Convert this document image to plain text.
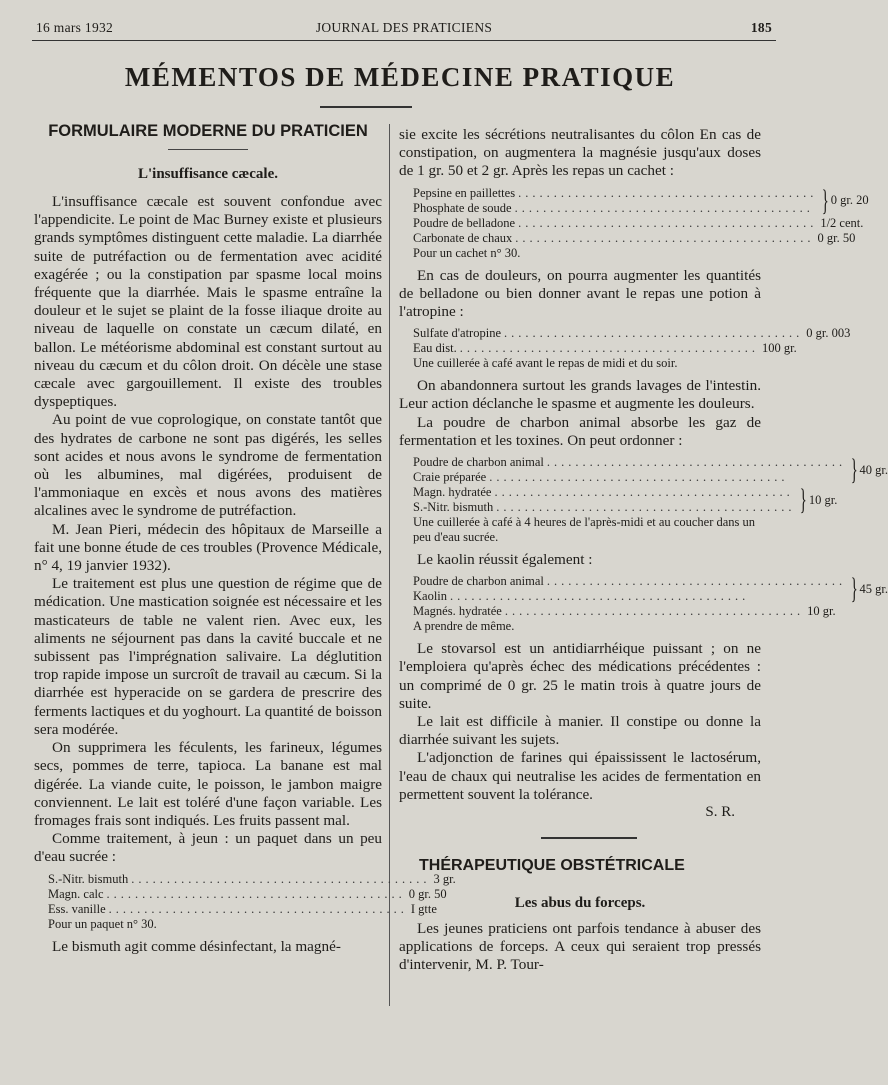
16 mars 1932	JOURNAL DES PRATICIENS	185
MÉMENTOS DE MÉDECINE PRATIQUE
FORMULAIRE MODERNE DU PRATICIEN
L'insuffisance cæcale.

L'insuffisance cæcale est souvent confondue avec l'appendicite. Le point de Mac Burney existe et plusieurs grands symptômes distinguent cette maladie. La diarrhée suite de putréfaction ou de fermentation avec acidité exagérée ; ou la constipation par spasme local moins fréquente que la diarrhée. Mais le spasme entraîne la douleur et le sujet se plaint de la fosse iliaque droite au niveau de laquelle on constate un cæcum dilaté, en ballon. Le météorisme abdominal est constant surtout au niveau du cæcum et du côlon droit. On décèle une stase cæcale avec gargouillement. Il existe des troubles dyspeptiques.

Au point de vue coprologique, on constate tantôt que des hydrates de carbone ne sont pas digérés, les selles sont acides et nous avons le syndrome de fermentation où les albumines, mal digérées, produisent de l'ammoniaque en excès et nous avons des matières alcalines avec le syndrome de putréfaction.

M. Jean Pieri, médecin des hôpitaux de Marseille a fait une bonne étude de ces troubles (Provence Médicale, n° 4, 19 janvier 1932).

Le traitement est plus une question de régime que de médication. Une mastication soignée est nécessaire et les masticateurs de table ne valent rien. Avec eux, les aliments ne séjournent pas dans la cavité buccale et ne subissent pas l'imprégnation salivaire. La déglutition trop rapide impose un surcroît de travail au cæcum. Si la diarrhée est hyperacide on se gardera de prescrire des ferments lactiques et du yoghourt. La quantité de boisson sera modérée.

On supprimera les féculents, les farineux, légumes secs, pommes de terre, tapioca. La banane est mal digérée. La viande cuite, le poisson, le jambon maigre conviennent. Le lait est toléré d'une façon variable. Les fromages frais sont indiqués. Les fruits passent mal.

Comme traitement, à jeun : un paquet dans un peu d'eau sucrée :

S.-Nitr. bismuth .......................................... 3 gr.
Magn. calc .......................................... 0 gr. 50
Ess. vanille .......................................... I gtte
Pour un paquet n° 30.

Le bismuth agit comme désinfectant, la magné-

sie excite les sécrétions neutralisantes du côlon En cas de constipation, on augmentera la magnésie jusqu'aux doses de 1 gr. 50 et 2 gr. Après les repas un cachet :

Pepsine en paillettes ..........................................
Phosphate de soude .......................................... } 0 gr. 20
Poudre de belladone .......................................... 1/2 cent.
Carbonate de chaux .......................................... 0 gr. 50
Pour un cachet n° 30.

En cas de douleurs, on pourra augmenter les quantités de belladone ou bien donner avant le repas une potion à l'atropine :

Sulfate d'atropine .......................................... 0 gr. 003
Eau dist. .......................................... 100 gr.
Une cuillerée à café avant le repas de midi et du soir.

On abandonnera surtout les grands lavages de l'intestin. Leur action déclanche le spasme et augmente les douleurs.

La poudre de charbon animal absorbe les gaz de fermentation et les toxines. On peut ordonner :

Poudre de charbon animal ..........................................
Craie préparée ..........................................	} 40 gr.
Magn. hydratée ..........................................
S.-Nitr. bismuth .......................................... } 10 gr.
Une cuillerée à café à 4 heures de l'après-midi et au coucher dans un peu d'eau sucrée.

Le kaolin réussit également :

Poudre de charbon animal ..........................................
Kaolin ..........................................	} 45 gr.
Magnés. hydratée .......................................... 10 gr.
A prendre de même.

Le stovarsol est un antidiarrhéique puissant ; on ne l'emploiera qu'après échec des médications précédentes : un comprimé de 0 gr. 25 le matin trois à quatre jours de suite.

Le lait est difficile à manier. Il constipe ou donne la diarrhée suivant les sujets.

L'adjonction de farines qui épaississent le lactosérum, l'eau de chaux qui neutralise les acides de fermentation en permettent souvent la tolérance.

S. R.
THÉRAPEUTIQUE OBSTÉTRICALE
Les abus du forceps.

Les jeunes praticiens ont parfois tendance à abuser des applications de forceps. A ceux qui seraient trop pressés d'intervenir, M. P. Tour-
